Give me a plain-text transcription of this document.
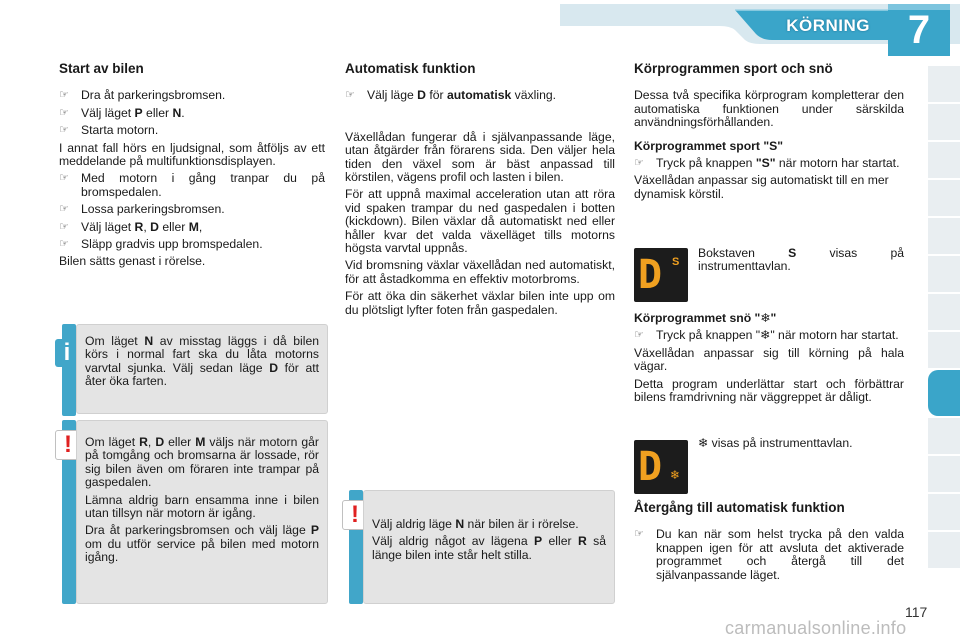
KÖRNING 7
Start av bilen
☞ Dra åt parkeringsbromsen.
☞ Välj läget P eller N.
☞ Starta motorn.

I annat fall hörs en ljudsignal, som åtföljs av ett meddelande på multifunktionsdisplayen.

☞ Med motorn i gång tranpar du på bromspedalen.
☞ Lossa parkeringsbromsen.
☞ Välj läget R, D eller M,
☞ Släpp gradvis upp bromspedalen.

Bilen sätts genast i rörelse.

i	Om läget N av misstag läggs i då bilen körs i normal fart ska du låta motorns varvtal sjunka. Välj sedan läge D för att åter öka farten.

!	Om läget R, D eller M väljs när motorn går på tomgång och bromsarna är lossade, rör sig bilen även om föraren inte trampar på gaspedalen.

Lämna aldrig barn ensamma inne i bilen utan tillsyn när motorn är igång.

Dra åt parkeringsbromsen och välj läge P om du utför service på bilen med motorn igång.

Automatisk funktion
☞ Välj läge D för automatisk växling.

Växellådan fungerar då i självanpassande läge, utan åtgärder från förarens sida. Den väljer hela tiden den växel som är bäst anpassad till körstilen, vägens profil och lasten i bilen.

För att uppnå maximal acceleration utan att röra vid spaken trampar du ned gaspedalen i botten (kickdown). Bilen växlar då automatiskt ned eller håller kvar det valda växelläget tills motorns högsta varvtal uppnås.

Vid bromsning växlar växellådan ned automatiskt, för att åstadkomma en effektiv motorbroms.

För att öka din säkerhet växlar bilen inte upp om du plötsligt lyfter foten från gaspedalen.

!	Välj aldrig läge N när bilen är i rörelse.

Välj aldrig något av lägena P eller R så länge bilen inte står helt stilla.

Körprogrammen sport och snö

Dessa två specifika körprogram kompletterar den automatiska funktionen under särskilda användningsförhållanden.

Körprogrammet sport "S"
☞ Tryck på knappen "S" när motorn har startat.

Växellådan anpassar sig automatiskt till en mer dynamisk körstil.

D S
Bokstaven S visas på instrumenttavlan.
Körprogrammet snö "❄"
☞ Tryck på knappen "❄" när motorn har startat.

Växellådan anpassar sig till körning på hala vägar.

Detta program underlättar start och förbättrar bilens framdrivning när väggreppet är dåligt.

D ❄
❄ visas på instrumenttavlan.
Återgång till automatisk funktion
☞ Du kan när som helst trycka på den valda knappen igen för att avsluta det aktiverade programmet och återgå till det självanpassande läget.
117
carmanualsonline.info
